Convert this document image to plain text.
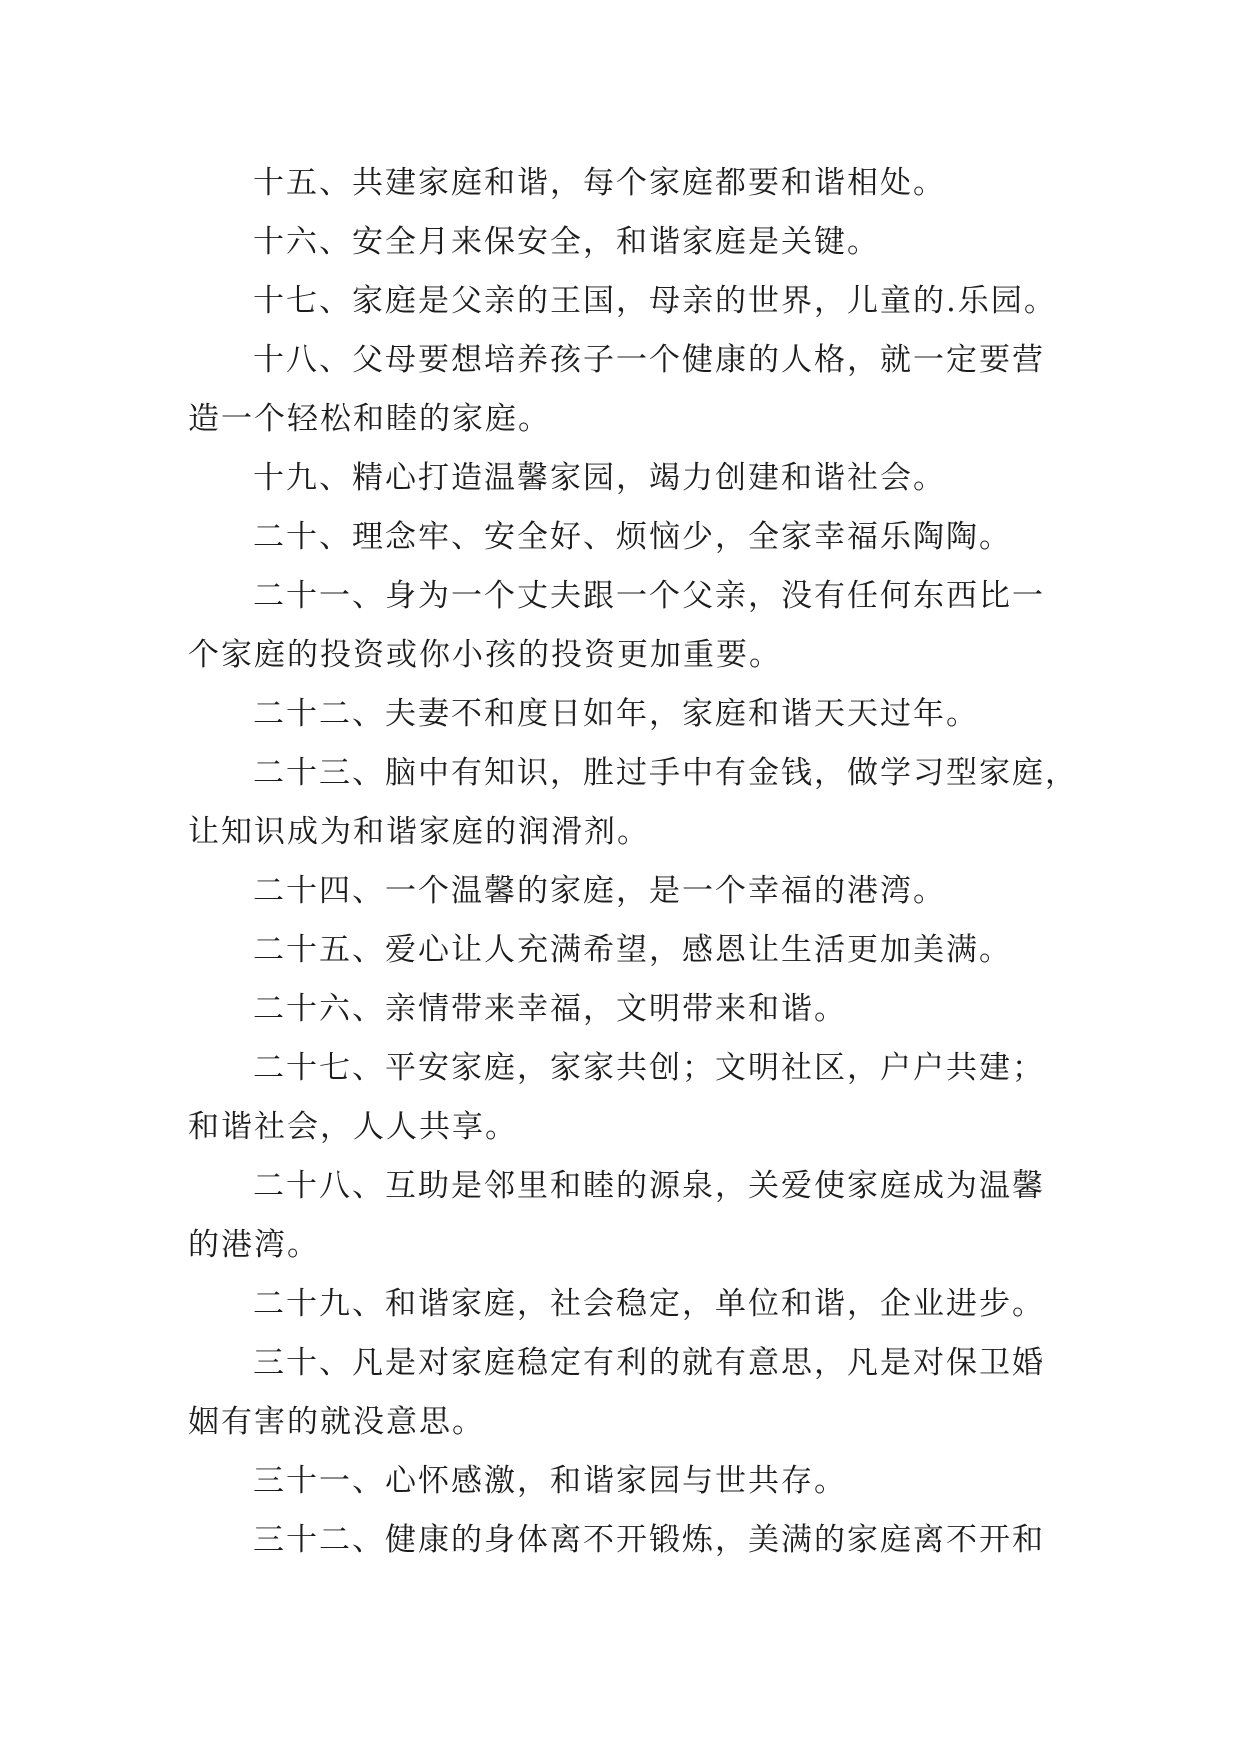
十五、共建家庭和谐，每个家庭都要和谐相处。

十六、安全月来保安全，和谐家庭是关键。

十七、家庭是父亲的王国，母亲的世界，儿童的.乐园。

十八、父母要想培养孩子一个健康的人格，就一定要营

造一个轻松和睦的家庭。

十九、精心打造温馨家园，竭力创建和谐社会。

二十、理念牢、安全好、烦恼少，全家幸福乐陶陶。

二十一、身为一个丈夫跟一个父亲，没有任何东西比一

个家庭的投资或你小孩的投资更加重要。

二十二、夫妻不和度日如年，家庭和谐天天过年。

二十三、脑中有知识，胜过手中有金钱，做学习型家庭，

让知识成为和谐家庭的润滑剂。

二十四、一个温馨的家庭，是一个幸福的港湾。

二十五、爱心让人充满希望，感恩让生活更加美满。

二十六、亲情带来幸福，文明带来和谐。

二十七、平安家庭，家家共创；文明社区，户户共建；

和谐社会，人人共享。

二十八、互助是邻里和睦的源泉，关爱使家庭成为温馨

的港湾。

二十九、和谐家庭，社会稳定，单位和谐，企业进步。

三十、凡是对家庭稳定有利的就有意思，凡是对保卫婚

姻有害的就没意思。

三十一、心怀感激，和谐家园与世共存。

三十二、健康的身体离不开锻炼，美满的家庭离不开和
